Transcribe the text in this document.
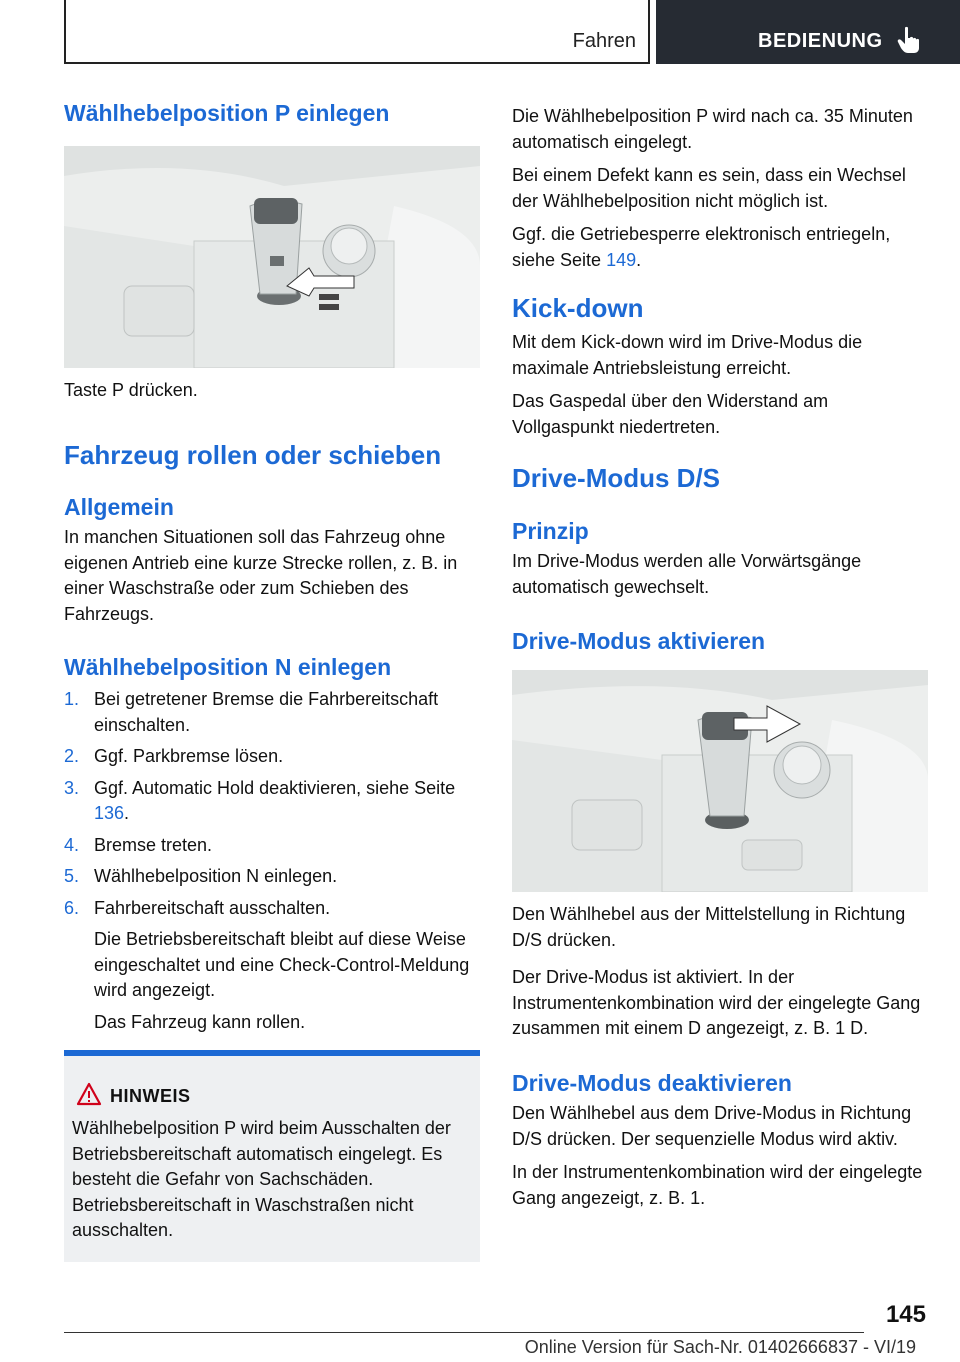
Fahren	BEDIENUNG
Wählhebelposition P einlegen

Taste P drücken.

Fahrzeug rollen oder schieben
Allgemein

In manchen Situationen soll das Fahrzeug ohne eigenen Antrieb eine kurze Strecke rollen, z. B. in einer Waschstraße oder zum Schieben des Fahrzeugs.

Wählhebelposition N einlegen
1. Bei getretener Bremse die Fahrbereitschaft einschalten.
2. Ggf. Parkbremse lösen.
3. Ggf. Automatic Hold deaktivieren, siehe Seite 136.
4. Bremse treten.
5. Wählhebelposition N einlegen.
6. Fahrbereitschaft ausschalten.

Die Betriebsbereitschaft bleibt auf diese Weise eingeschaltet und eine Check-Control-Meldung wird angezeigt.

Das Fahrzeug kann rollen.

HINWEIS

Wählhebelposition P wird beim Ausschalten der Betriebsbereitschaft automatisch eingelegt. Es besteht die Gefahr von Sachschäden. Betriebsbereitschaft in Waschstraßen nicht ausschalten.

Die Wählhebelposition P wird nach ca. 35 Minuten automatisch eingelegt.

Bei einem Defekt kann es sein, dass ein Wechsel der Wählhebelposition nicht möglich ist.

Ggf. die Getriebesperre elektronisch entriegeln, siehe Seite 149.

Kick-down

Mit dem Kick-down wird im Drive-Modus die maximale Antriebsleistung erreicht.

Das Gaspedal über den Widerstand am Vollgaspunkt niedertreten.

Drive-Modus D/S
Prinzip

Im Drive-Modus werden alle Vorwärtsgänge automatisch gewechselt.

Drive-Modus aktivieren

Den Wählhebel aus der Mittelstellung in Richtung D/S drücken.

Der Drive-Modus ist aktiviert. In der Instrumentenkombination wird der eingelegte Gang zusammen mit einem D angezeigt, z. B. 1 D.

Drive-Modus deaktivieren

Den Wählhebel aus dem Drive-Modus in Richtung D/S drücken. Der sequenzielle Modus wird aktiv.

In der Instrumentenkombination wird der eingelegte Gang angezeigt, z. B. 1.

145
Online Version für Sach-Nr. 01402666837 - VI/19
